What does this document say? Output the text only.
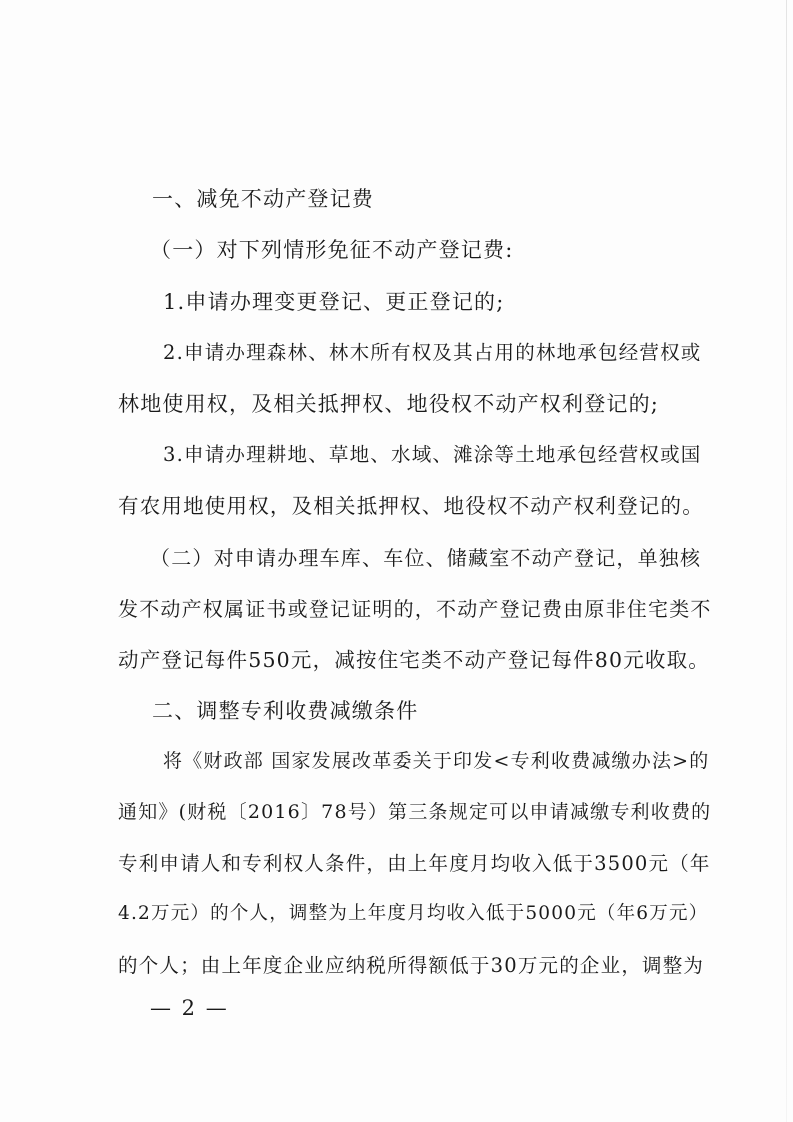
一、减免不动产登记费
（一）对下列情形免征不动产登记费:
1.申请办理变更登记、更正登记的;
2.申请办理森林、林木所有权及其占用的林地承包经营权或
林地使用权，及相关抵押权、地役权不动产权利登记的;
3.申请办理耕地、草地、水域、滩涂等土地承包经营权或国
有农用地使用权，及相关抵押权、地役权不动产权利登记的。
（二）对申请办理车库、车位、储藏室不动产登记，单独核
发不动产权属证书或登记证明的，不动产登记费由原非住宅类不
动产登记每件550元，减按住宅类不动产登记每件80元收取。
二、调整专利收费减缴条件
将《财政部 国家发展改革委关于印发<专利收费减缴办法>的
通知》(财税〔2016〕78号）第三条规定可以申请减缴专利收费的
专利申请人和专利权人条件，由上年度月均收入低于3500元（年
4.2万元）的个人，调整为上年度月均收入低于5000元（年6万元）
的个人；由上年度企业应纳税所得额低于30万元的企业，调整为
— 2 —
